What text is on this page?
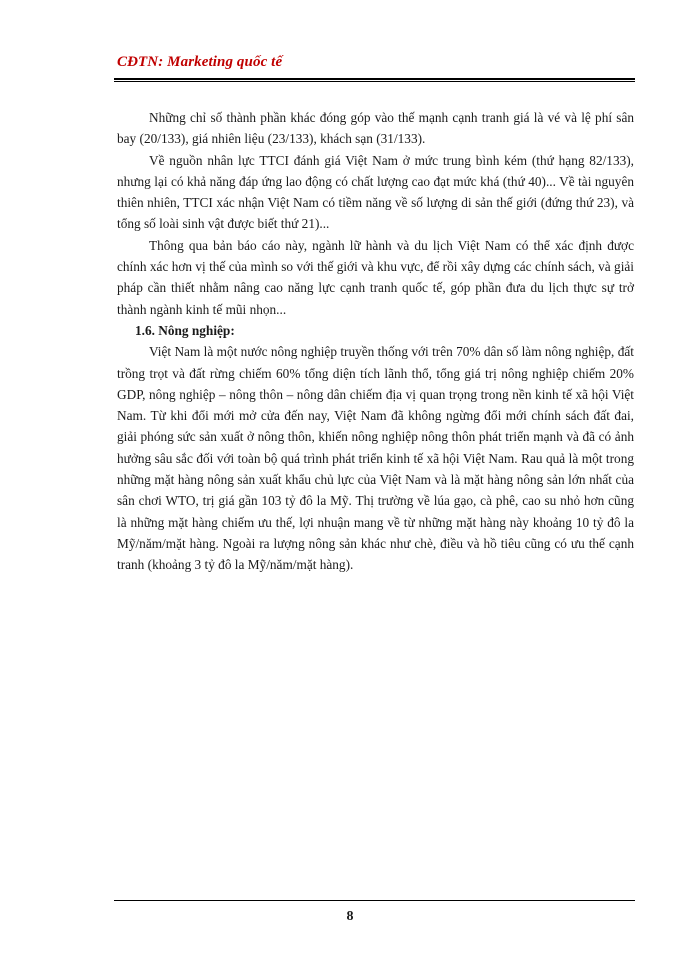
CĐTN: Marketing quốc tế

Những chỉ số thành phần khác đóng góp vào thế mạnh cạnh tranh giá là vé và lệ phí sân bay (20/133), giá nhiên liệu (23/133), khách sạn (31/133).

Về nguồn nhân lực TTCI đánh giá Việt Nam ở mức trung bình kém (thứ hạng 82/133), nhưng lại có khả năng đáp ứng lao động có chất lượng cao đạt mức khá (thứ 40)... Về tài nguyên thiên nhiên, TTCI xác nhận Việt Nam có tiềm năng về số lượng di sản thế giới (đứng thứ 23), và tổng số loài sinh vật được biết thứ 21)...

Thông qua bản báo cáo này, ngành lữ hành và du lịch Việt Nam có thể xác định được chính xác hơn vị thế của mình so với thế giới và khu vực, để rồi xây dựng các chính sách, và giải pháp cần thiết nhằm nâng cao năng lực cạnh tranh quốc tế, góp phần đưa du lịch thực sự trở thành ngành kinh tế mũi nhọn...

1.6. Nông nghiệp:

Việt Nam là một nước nông nghiệp truyền thống với trên 70% dân số làm nông nghiệp, đất trồng trọt và đất rừng chiếm 60% tổng diện tích lãnh thổ, tổng giá trị nông nghiệp chiếm 20% GDP, nông nghiệp – nông thôn – nông dân chiếm địa vị quan trọng trong nền kinh tế xã hội Việt Nam. Từ khi đổi mới mở cửa đến nay, Việt Nam đã không ngừng đổi mới chính sách đất đai, giải phóng sức sản xuất ở nông thôn, khiến nông nghiệp nông thôn phát triển mạnh và đã có ảnh hưởng sâu sắc đối với toàn bộ quá trình phát triển kinh tế xã hội Việt Nam. Rau quả là một trong những mặt hàng nông sản xuất khẩu chủ lực của Việt Nam và là mặt hàng nông sản lớn nhất của sân chơi WTO, trị giá gần 103 tỷ đô la Mỹ. Thị trường về lúa gạo, cà phê, cao su nhỏ hơn cũng là những mặt hàng chiếm ưu thế, lợi nhuận mang về từ những mặt hàng này khoảng 10 tỷ đô la Mỹ/năm/mặt hàng. Ngoài ra lượng nông sản khác như chè, điều và hồ tiêu cũng có ưu thế cạnh tranh (khoảng 3 tỷ đô la Mỹ/năm/mặt hàng).

8
